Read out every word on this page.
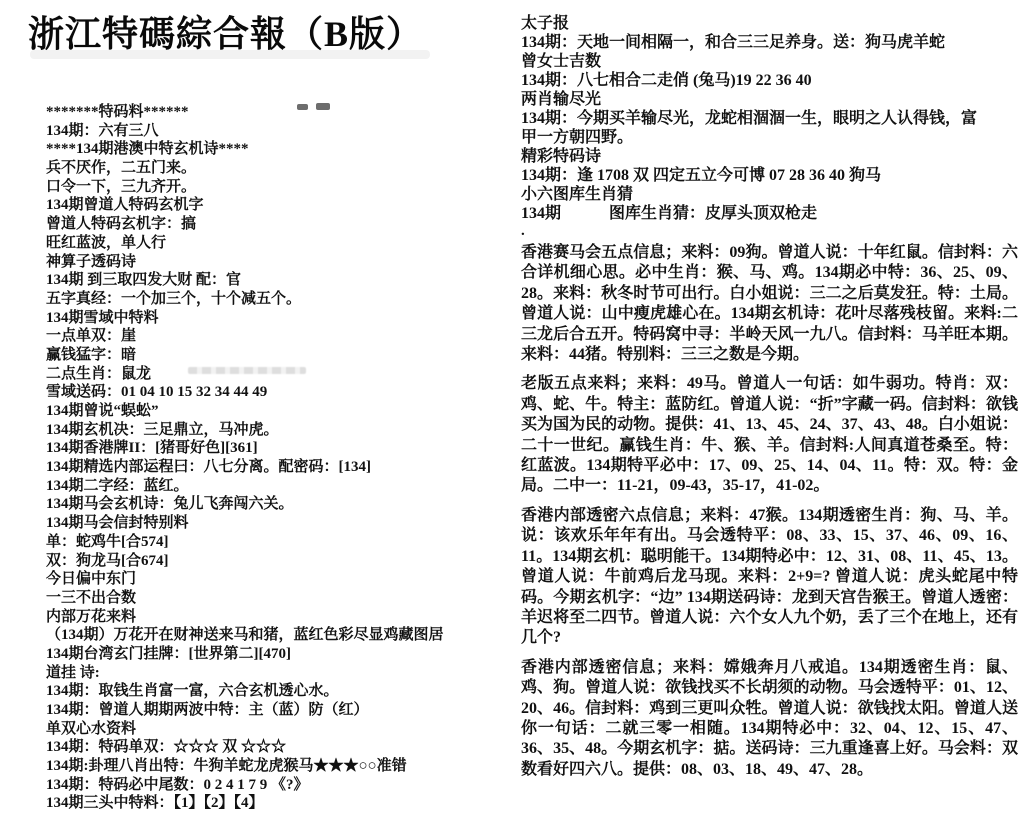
浙江特碼綜合報（B版）
*******特码料******
134期：六有三八
****134期港澳中特玄机诗****
兵不厌作，二五门来。
口令一下，三九齐开。
134期曾道人特码玄机字
曾道人特码玄机字：搞
旺红蓝波，单人行
神算子透码诗
134期 到三取四发大财 配：官
五字真经：一个加三个，十个减五个。
134期雪域中特料
一点单双：崖
赢钱猛字：暗
二点生肖：鼠龙
雪域送码：01 04 10 15 32 34 44 49
134期曾说“蜈蚣”
134期玄机决：三足鼎立，马冲虎。
134期香港牌II：[猪哥好色][361]
134期精选内部运程曰：八七分离。配密码：[134]
134期二字经：蓝红。
134期马会玄机诗：兔儿飞奔闯六关。
134期马会信封特别料
单：蛇鸡牛[合574]
双：狗龙马[合674]
今日偏中东门
一三不出合数
内部万花来料
（134期）万花开在财神送来马和猪，蓝红色彩尽显鸡藏图居
134期台湾玄门挂牌：[世界第二][470]
道挂 诗:
134期：取钱生肖富一富，六合玄机透心水。
134期：曾道人期期两波中特：主（蓝）防（红）
单双心水资料
134期：特码单双：☆☆☆ 双 ☆☆☆
134期:卦理八肖出特：牛狗羊蛇龙虎猴马★★★○○准错
134期：特码必中尾数：0 2 4 1 7 9 《?》
134期三头中特料：【1】【2】【4】
太子报
134期：天地一间相隔一，和合三三足养身。送：狗马虎羊蛇
曾女士吉数
134期：八七相合二走俏 (兔马)19 22 36 40
两肖输尽光
134期：今期买羊输尽光，龙蛇相涸涸一生，眼明之人认得钱，富
甲一方朝四野。
精彩特码诗
134期：逢 1708 双 四定五立今可博 07 28 36 40 狗马
小六图库生肖猜
134期　　　图库生肖猜：皮厚头顶双枪走
.

香港赛马会五点信息；来料：09狗。曾道人说：十年红鼠。信封料：六合详机细心思。必中生肖：猴、马、鸡。134期必中特：36、25、09、28。来料：秋冬时节可出行。白小姐说：三二之后莫发狂。特：土局。曾道人说：山中瘦虎雄心在。134期玄机诗：花叶尽落残枝留。来料:二三龙后合五开。特码窝中寻：半岭天风一九八。信封料：马羊旺本期。来料：44猪。特别料：三三之数是今期。

老版五点来料；来料：49马。曾道人一句话：如牛弱功。特肖：双：鸡、蛇、牛。特主：蓝防红。曾道人说：“折”字藏一码。信封料：欲钱买为国为民的动物。提供：41、13、45、24、37、43、48。白小姐说：二十一世纪。赢钱生肖：牛、猴、羊。信封料:人间真道苍桑至。特：红蓝波。134期特平必中：17、09、25、14、04、11。特：双。特：金局。二中一：11-21，09-43，35-17，41-02。

香港内部透密六点信息；来料：47猴。134期透密生肖：狗、马、羊。说：该欢乐年年有出。马会透特平：08、33、15、37、46、09、16、11。134期玄机：聪明能干。134期特必中：12、31、08、11、45、13。曾道人说：牛前鸡后龙马现。来料：2+9=? 曾道人说：虎头蛇尾中特码。今期玄机字：“边” 134期送码诗：龙到天宫告猴王。曾道人透密：羊迟将至二四节。曾道人说：六个女人九个奶，丢了三个在地上，还有几个?

香港内部透密信息；来料：嫦娥奔月八戒追。134期透密生肖：鼠、鸡、狗。曾道人说：欲钱找买不长胡须的动物。马会透特平：01、12、20、46。信封料：鸡到三更叫众牲。曾道人说：欲钱找太阳。曾道人送你一句话：二就三零一相随。134期特必中：32、04、12、15、47、36、35、48。今期玄机字：掂。送码诗：三九重逢喜上好。马会料：双数看好四六八。提供：08、03、18、49、47、28。
